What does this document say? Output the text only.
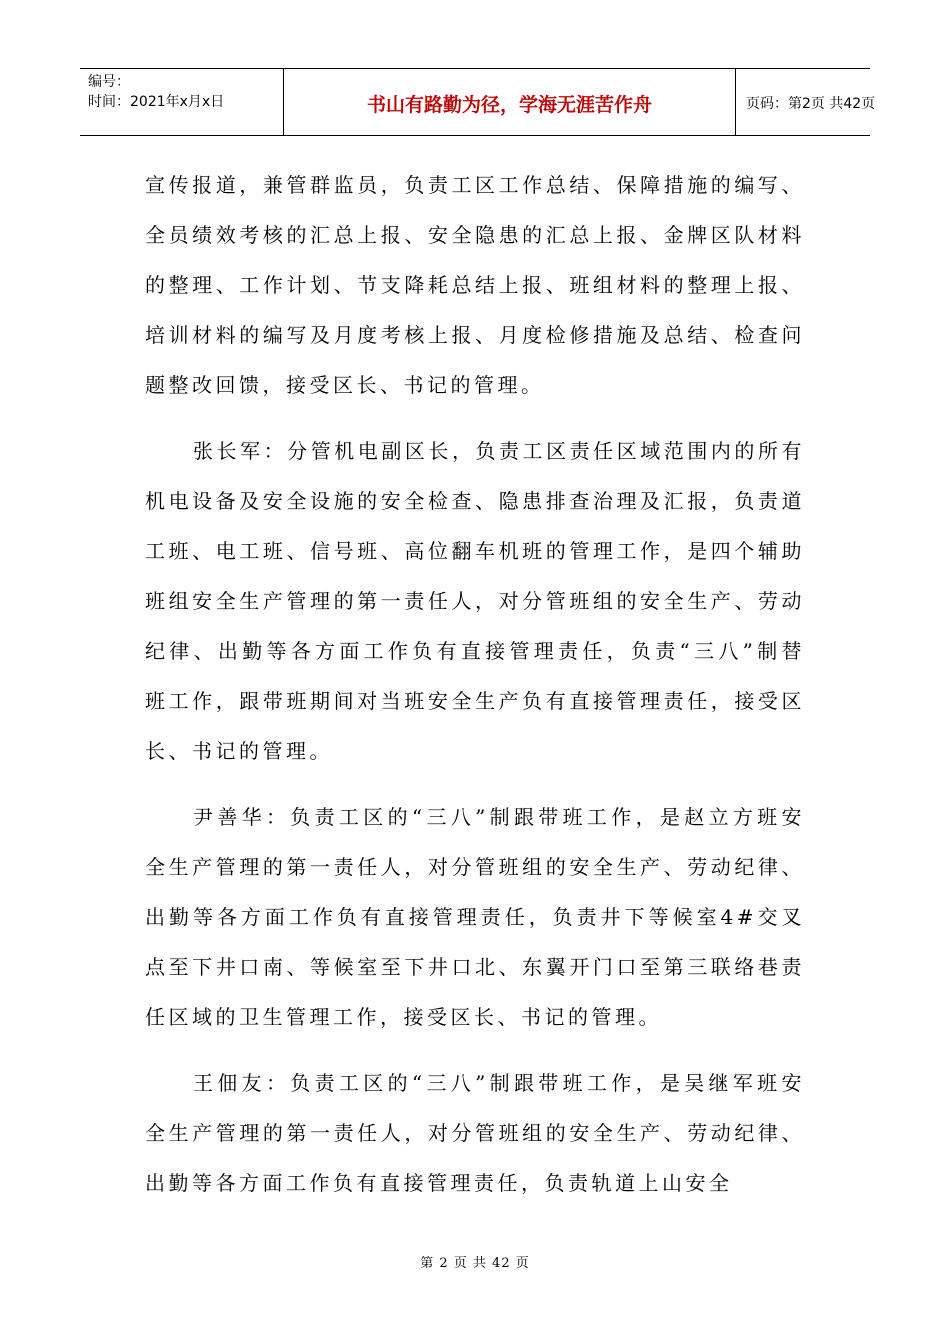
编号：
时间：2021年x月x日	书山有路勤为径，学海无涯苦作舟	页码：第2页 共42页

宣传报道，兼管群监员，负责工区工作总结、保障措施的编写、全员绩效考核的汇总上报、安全隐患的汇总上报、金牌区队材料的整理、工作计划、节支降耗总结上报、班组材料的整理上报、培训材料的编写及月度考核上报、月度检修措施及总结、检查问题整改回馈，接受区长、书记的管理。

张长军：分管机电副区长，负责工区责任区域范围内的所有机电设备及安全设施的安全检查、隐患排查治理及汇报，负责道工班、电工班、信号班、高位翻车机班的管理工作，是四个辅助班组安全生产管理的第一责任人，对分管班组的安全生产、劳动纪律、出勤等各方面工作负有直接管理责任，负责“三八”制替班工作，跟带班期间对当班安全生产负有直接管理责任，接受区长、书记的管理。

尹善华：负责工区的“三八”制跟带班工作，是赵立方班安全生产管理的第一责任人，对分管班组的安全生产、劳动纪律、出勤等各方面工作负有直接管理责任，负责井下等候室4#交叉点至下井口南、等候室至下井口北、东翼开门口至第三联络巷责任区域的卫生管理工作，接受区长、书记的管理。

王佃友：负责工区的“三八”制跟带班工作，是吴继军班安全生产管理的第一责任人，对分管班组的安全生产、劳动纪律、出勤等各方面工作负有直接管理责任，负责轨道上山安全

第 2 页 共 42 页
